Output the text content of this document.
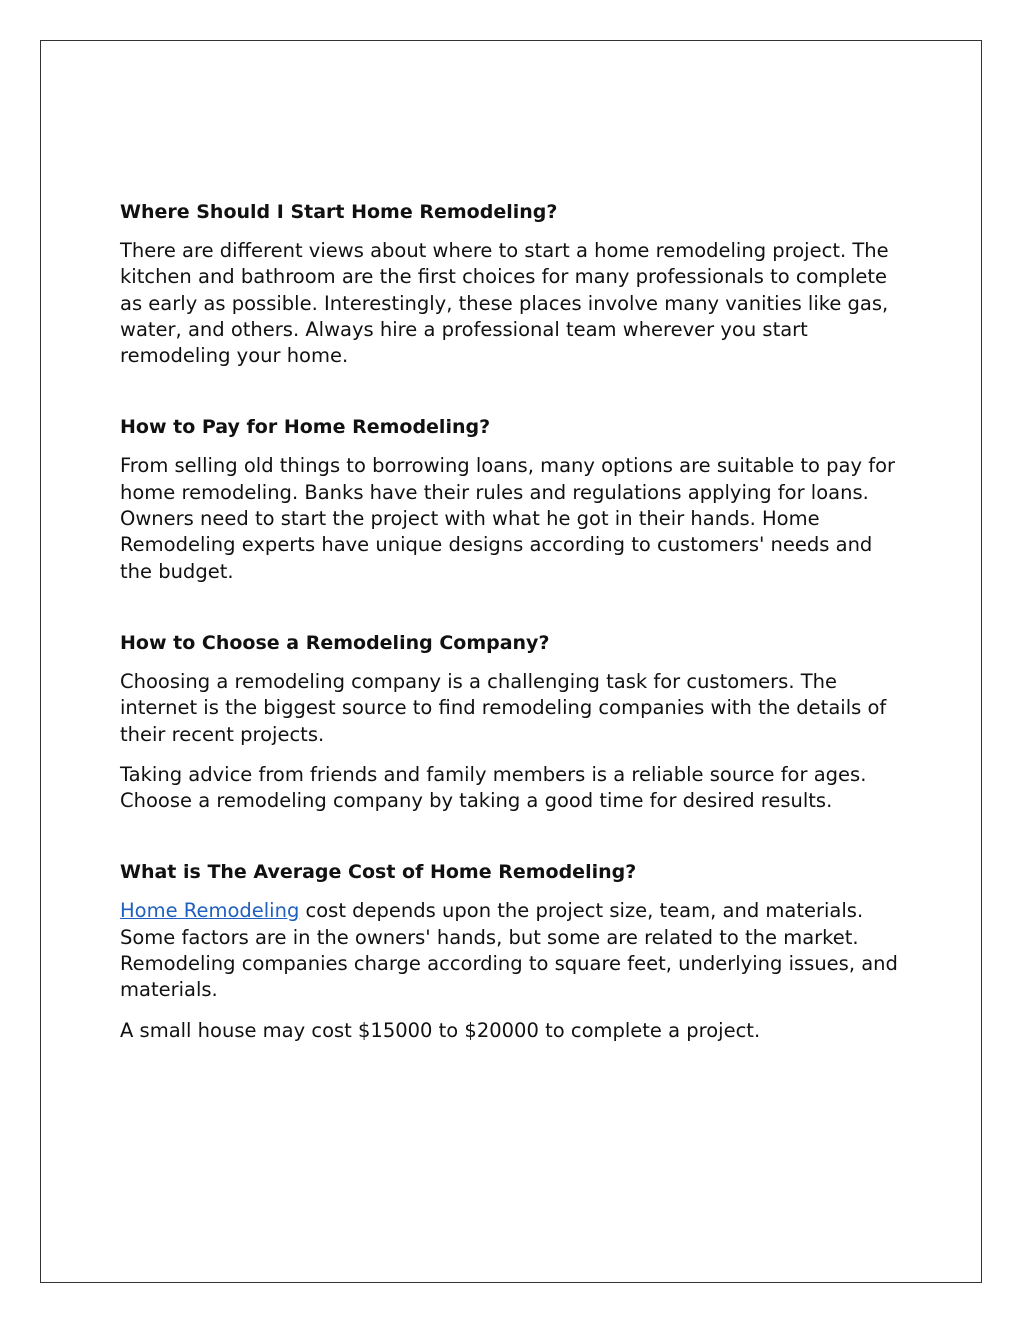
Where Should I Start Home Remodeling?

There are different views about where to start a home remodeling project. The kitchen and bathroom are the first choices for many professionals to complete as early as possible. Interestingly, these places involve many vanities like gas, water, and others. Always hire a professional team wherever you start remodeling your home.

How to Pay for Home Remodeling?

From selling old things to borrowing loans, many options are suitable to pay for home remodeling. Banks have their rules and regulations applying for loans. Owners need to start the project with what he got in their hands. Home Remodeling experts have unique designs according to customers' needs and the budget.

How to Choose a Remodeling Company?

Choosing a remodeling company is a challenging task for customers. The internet is the biggest source to find remodeling companies with the details of their recent projects.

Taking advice from friends and family members is a reliable source for ages. Choose a remodeling company by taking a good time for desired results.

What is The Average Cost of Home Remodeling?

Home Remodeling cost depends upon the project size, team, and materials. Some factors are in the owners' hands, but some are related to the market. Remodeling companies charge according to square feet, underlying issues, and materials.

A small house may cost $15000 to $20000 to complete a project.
